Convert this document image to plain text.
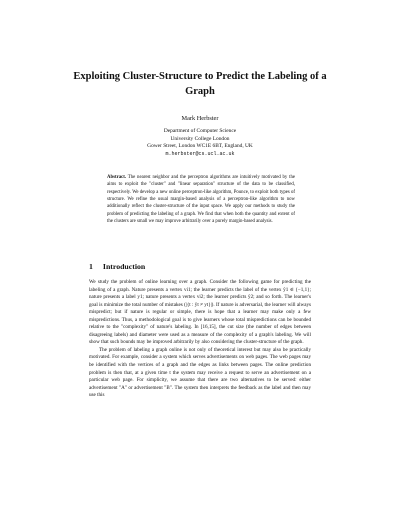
Exploiting Cluster-Structure to Predict the Labeling of a Graph
Mark Herbster
Department of Computer Science
University College London
Gower Street, London WC1E 6BT, England, UK
m.herbster@cs.ucl.ac.uk
Abstract. The nearest neighbor and the perceptron algorithms are intuitively motivated by the aims to exploit the "cluster" and "linear separation" structure of the data to be classified, respectively. We develop a new online perceptron-like algorithm, Pounce, to exploit both types of structure. We refine the usual margin-based analysis of a perceptron-like algorithm to now additionally reflect the cluster-structure of the input space. We apply our methods to study the problem of predicting the labeling of a graph. We find that when both the quantity and extent of the clusters are small we may improve arbitrarily over a purely margin-based analysis.
1 Introduction

We study the problem of online learning over a graph. Consider the following game for predicting the labeling of a graph. Nature presents a vertex vi1; the learner predicts the label of the vertex ŷ1 ∈ {−1,1}; nature presents a label y1; nature presents a vertex vi2; the learner predicts ŷ2; and so forth. The learner's goal is minimize the total number of mistakes (|{t : ŷt ≠ yt}|). If nature is adversarial, the learner will always mispredict; but if nature is regular or simple, there is hope that a learner may make only a few mispredictions. Thus, a methodological goal is to give learners whose total mispredictions can be bounded relative to the "complexity" of nature's labeling. In [16,15], the cut size (the number of edges between disagreeing labels) and diameter were used as a measure of the complexity of a graph's labeling. We will show that such bounds may be improved arbitrarily by also considering the cluster-structure of the graph.

The problem of labeling a graph online is not only of theoretical interest but may also be practically motivated. For example, consider a system which serves advertisements on web pages. The web pages may be identified with the vertices of a graph and the edges as links between pages. The online prediction problem is then that, at a given time t the system may receive a request to serve an advertisement on a particular web page. For simplicity, we assume that there are two alternatives to be served: either advertisement "A" or advertisement "B". The system then interprets the feedback as the label and then may use this
